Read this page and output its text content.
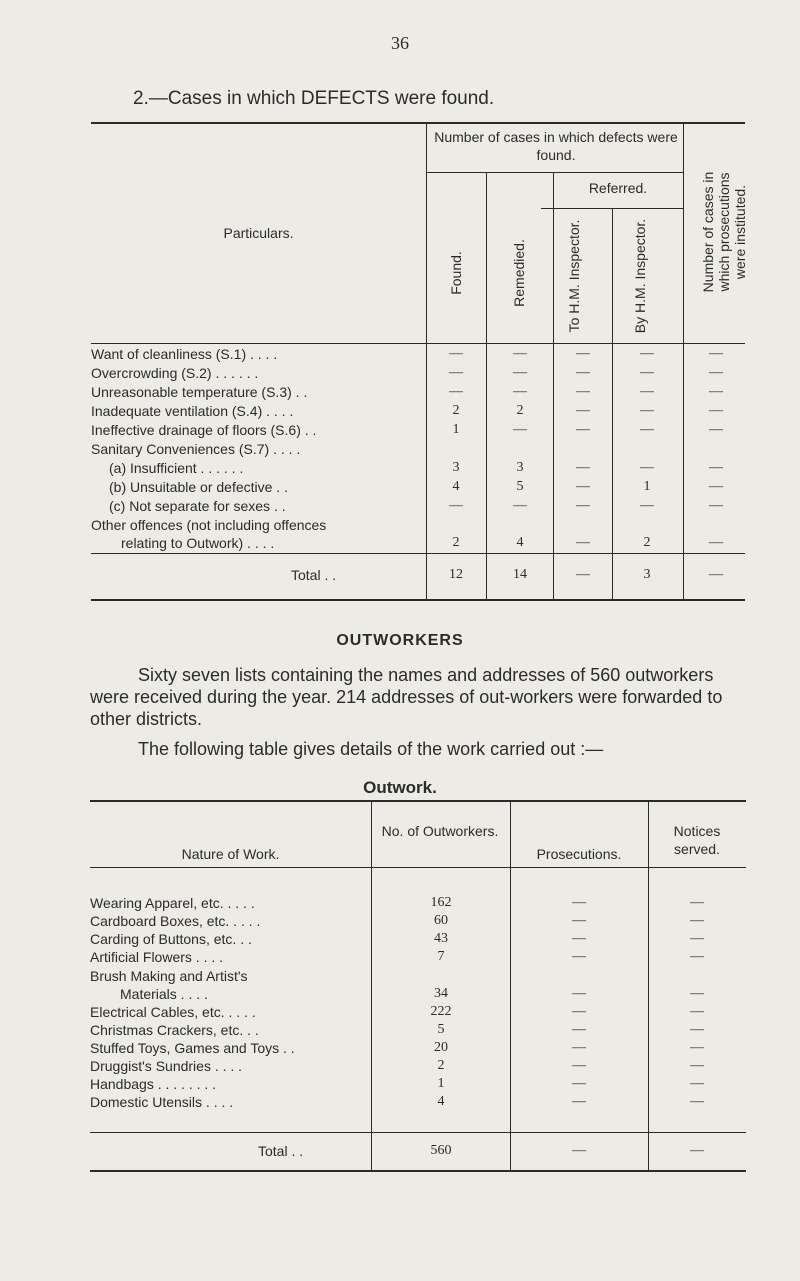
36
2.—Cases in which DEFECTS were found.
Particulars.
Number of cases in which defects were found.
Referred.
Found.	Remedied.	To H.M. Inspector.	By H.M. Inspector.	Number of cases in which prosecutions were instituted.
Want of cleanliness (S.1) . . . .	—	—	—	—	—
Overcrowding (S.2) . . . . . .	—	—	—	—	—
Unreasonable temperature (S.3) . .	—	—	—	—	—
Inadequate ventilation (S.4) . . . .	2	2	—	—	—
Ineffective drainage of floors (S.6) . .	1	—	—	—	—
Sanitary Conveniences (S.7) . . . .
(a) Insufficient . . . . . .	3	3	—	—	—
(b) Unsuitable or defective . .	4	5	—	1	—
(c) Not separate for sexes . .	—	—	—	—	—
Other offences (not including offences
relating to Outwork) . . . .	2	4	—	2	—
Total . .	12	14	—	3	—
OUTWORKERS
Sixty seven lists containing the names and addresses of 560 outworkers were received during the year. 214 addresses of out-workers were forwarded to other districts.
The following table gives details of the work carried out :—
Outwork.
Nature of Work.
No. of Outworkers.
Prosecutions.
Notices served.
Wearing Apparel, etc. . . . .	162	—	—
Cardboard Boxes, etc. . . . .	60	—	—
Carding of Buttons, etc. . .	43	—	—
Artificial Flowers . . . .	7	—	—
Brush Making and Artist's
Materials . . . .	34	—	—
Electrical Cables, etc. . . . .	222	—	—
Christmas Crackers, etc. . .	5	—	—
Stuffed Toys, Games and Toys . .	20	—	—
Druggist's Sundries . . . .	2	—	—
Handbags . . . . . . . .	1	—	—
Domestic Utensils . . . .	4	—	—
Total . .	560	—	—
